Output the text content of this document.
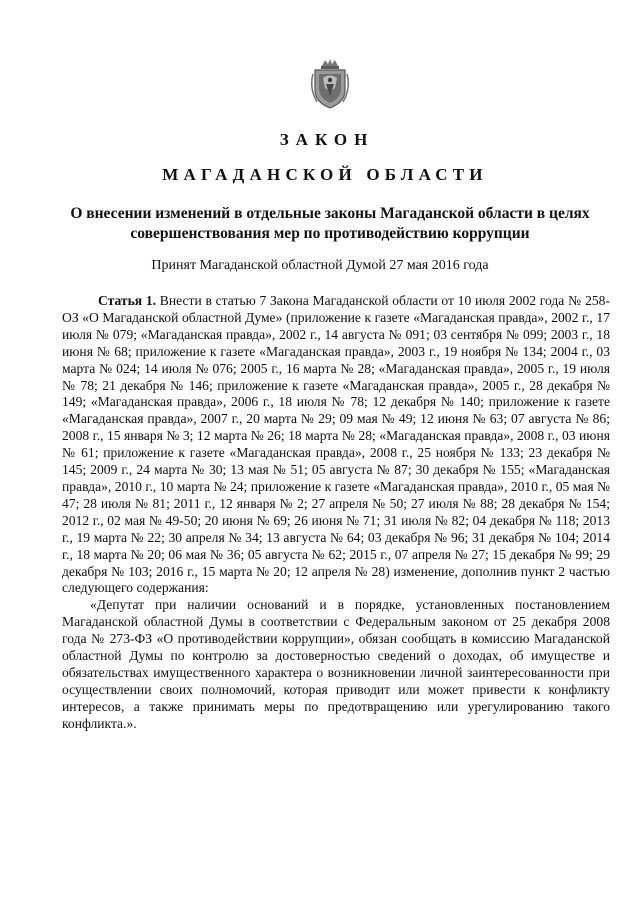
ЗАКОН
МАГАДАНСКОЙ ОБЛАСТИ
О внесении изменений в отдельные законы Магаданской области в целях совершенствования мер по противодействию коррупции
Принят Магаданской областной Думой 27 мая 2016 года

Статья 1. Внести в статью 7 Закона Магаданской области от 10 июля 2002 года № 258-ОЗ «О Магаданской областной Думе» (приложение к газете «Магаданская правда», 2002 г., 17 июля № 079; «Магаданская правда», 2002 г., 14 августа № 091; 03 сентября № 099; 2003 г., 18 июня № 68; приложение к газете «Магаданская правда», 2003 г., 19 ноября № 134; 2004 г., 03 марта № 024; 14 июля № 076; 2005 г., 16 марта № 28; «Магаданская правда», 2005 г., 19 июля № 78; 21 декабря № 146; приложение к газете «Магаданская правда», 2005 г., 28 декабря № 149; «Магаданская правда», 2006 г., 18 июля № 78; 12 декабря № 140; приложение к газете «Магаданская правда», 2007 г., 20 марта № 29; 09 мая № 49; 12 июня № 63; 07 августа № 86; 2008 г., 15 января № 3; 12 марта № 26; 18 марта № 28; «Магаданская правда», 2008 г., 03 июня № 61; приложение к газете «Магаданская правда», 2008 г., 25 ноября № 133; 23 декабря № 145; 2009 г., 24 марта № 30; 13 мая № 51; 05 августа № 87; 30 декабря № 155; «Магаданская правда», 2010 г., 10 марта № 24; приложение к газете «Магаданская правда», 2010 г., 05 мая № 47; 28 июля № 81; 2011 г., 12 января № 2; 27 апреля № 50; 27 июля № 88; 28 декабря № 154; 2012 г., 02 мая № 49-50; 20 июня № 69; 26 июня № 71; 31 июля № 82; 04 декабря № 118; 2013 г., 19 марта № 22; 30 апреля № 34; 13 августа № 64; 03 декабря № 96; 31 декабря № 104; 2014 г., 18 марта № 20; 06 мая № 36; 05 августа № 62; 2015 г., 07 апреля № 27; 15 декабря № 99; 29 декабря № 103; 2016 г., 15 марта № 20; 12 апреля № 28) изменение, дополнив пункт 2 частью следующего содержания:

«Депутат при наличии оснований и в порядке, установленных постановлением Магаданской областной Думы в соответствии с Федеральным законом от 25 декабря 2008 года № 273-ФЗ «О противодействии коррупции», обязан сообщать в комиссию Магаданской областной Думы по контролю за достоверностью сведений о доходах, об имуществе и обязательствах имущественного характера о возникновении личной заинтересованности при осуществлении своих полномочий, которая приводит или может привести к конфликту интересов, а также принимать меры по предотвращению или урегулированию такого конфликта.».
